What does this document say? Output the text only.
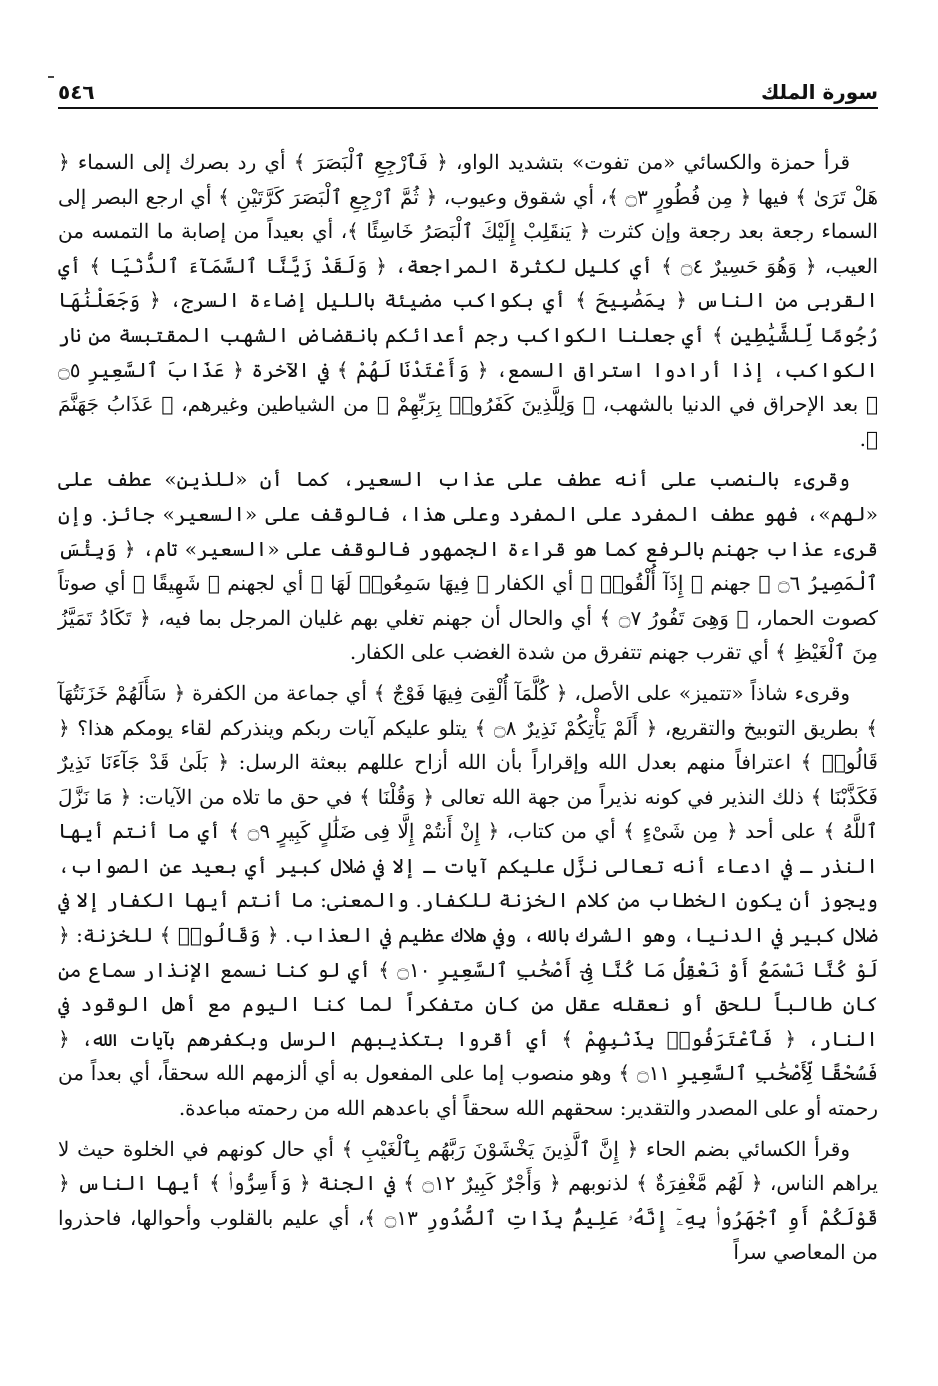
سورة الملك
٥٤٦

قرأ حمزة والكسائي «من تفوت» بتشديد الواو، ﴿ فَٱرْجِعِ ٱلْبَصَرَ ﴾ أي رد بصرك إلى السماء ﴿ هَلْ تَرَىٰ ﴾ فيها ﴿ مِن فُطُورٍ ۝٣ ﴾، أي شقوق وعيوب، ﴿ ثُمَّ ٱرْجِعِ ٱلْبَصَرَ كَرَّتَيْنِ ﴾ أي ارجع البصر إلى السماء رجعة بعد رجعة وإن كثرت ﴿ يَنقَلِبْ إِلَيْكَ ٱلْبَصَرُ خَاسِئًا ﴾، أي بعيداً من إصابة ما التمسه من العيب، ﴿ وَهُوَ حَسِيرٌ ۝٤ ﴾ أي كليل لكثرة المراجعة، ﴿ وَلَقَدْ زَيَّنَّا ٱلسَّمَآءَ ٱلدُّنْيَا ﴾ أي القربى من الناس ﴿ بِمَصَٰبِيحَ ﴾ أي بكواكب مضيئة بالليل إضاءة السرج، ﴿ وَجَعَلْنَٰهَا رُجُومًا لِّلشَّيَٰطِينِ ﴾ أي جعلنا الكواكب رجم أعدائكم بانقضاض الشهب المقتبسة من نار الكواكب، إذا أرادوا استراق السمع، ﴿ وَأَعْتَدْنَا لَهُمْ ﴾ في الآخرة ﴿ عَذَابَ ٱلسَّعِيرِ ۝٥ ﴾ بعد الإحراق في الدنيا بالشهب، ﴿ وَلِلَّذِينَ كَفَرُوا۟ بِرَبِّهِمْ ﴾ من الشياطين وغيرهم، ﴿ عَذَابُ جَهَنَّمَ ﴾.

وقرىء بالنصب على أنه عطف على عذاب السعير، كما أن «للذين» عطف على «لهم»، فهو عطف المفرد على المفرد وعلى هذا، فالوقف على «السعير» جائز. وإن قرىء عذاب جهنم بالرفع كما هو قراءة الجمهور فالوقف على «السعير» تام، ﴿ وَبِئْسَ ٱلْمَصِيرُ ۝٦ ﴾ جهنم ﴿ إِذَآ أُلْقُوا۟ ﴾ أي الكفار ﴿ فِيهَا سَمِعُوا۟ لَهَا ﴾ أي لجهنم ﴿ شَهِيقًا ﴾ أي صوتاً كصوت الحمار، ﴿ وَهِىَ تَفُورُ ۝٧ ﴾ أي والحال أن جهنم تغلي بهم غليان المرجل بما فيه، ﴿ تَكَادُ تَمَيَّزُ مِنَ ٱلْغَيْظِ ﴾ أي تقرب جهنم تتفرق من شدة الغضب على الكفار.

وقرىء شاذاً «تتميز» على الأصل، ﴿ كُلَّمَآ أُلْقِىَ فِيهَا فَوْجٌ ﴾ أي جماعة من الكفرة ﴿ سَأَلَهُمْ خَزَنَتُهَآ ﴾ بطريق التوبيخ والتقريع، ﴿ أَلَمْ يَأْتِكُمْ نَذِيرٌ ۝٨ ﴾ يتلو عليكم آيات ربكم وينذركم لقاء يومكم هذا؟ ﴿ قَالُوا۟ ﴾ اعترافاً منهم بعدل الله وإقراراً بأن الله أزاح عللهم ببعثة الرسل: ﴿ بَلَىٰ قَدْ جَآءَنَا نَذِيرٌ فَكَذَّبْنَا ﴾ ذلك النذير في كونه نذيراً من جهة الله تعالى ﴿ وَقُلْنَا ﴾ في حق ما تلاه من الآيات: ﴿ مَا نَزَّلَ ٱللَّهُ ﴾ على أحد ﴿ مِن شَىْءٍ ﴾ أي من كتاب، ﴿ إِنْ أَنتُمْ إِلَّا فِى ضَلَٰلٍ كَبِيرٍ ۝٩ ﴾ أي ما أنتم أيها النذر ـ في ادعاء أنه تعالى نزَّل عليكم آيات ـ إلا في ضلال كبير أي بعيد عن الصواب، ويجوز أن يكون الخطاب من كلام الخزنة للكفار. والمعنى: ما أنتم أيها الكفار إلا في ضلال كبير في الدنيا، وهو الشرك بالله، وفي هلاك عظيم في العذاب. ﴿ وَقَالُوا۟ ﴾ للخزنة: ﴿ لَوْ كُنَّا نَسْمَعُ أَوْ نَعْقِلُ مَا كُنَّا فِىٓ أَصْحَٰبِ ٱلسَّعِيرِ ۝١٠ ﴾ أي لو كنا نسمع الإنذار سماع من كان طالباً للحق أو نعقله عقل من كان متفكراً لما كنا اليوم مع أهل الوقود في النار، ﴿ فَٱعْتَرَفُوا۟ بِذَنۢبِهِمْ ﴾ أي أقروا بتكذيبهم الرسل وبكفرهم بآيات الله، ﴿ فَسُحْقًا لِّأَصْحَٰبِ ٱلسَّعِيرِ ۝١١ ﴾ وهو منصوب إما على المفعول به أي ألزمهم الله سحقاً، أي بعداً من رحمته أو على المصدر والتقدير: سحقهم الله سحقاً أي باعدهم الله من رحمته مباعدة.

وقرأ الكسائي بضم الحاء ﴿ إِنَّ ٱلَّذِينَ يَخْشَوْنَ رَبَّهُم بِٱلْغَيْبِ ﴾ أي حال كونهم في الخلوة حيث لا يراهم الناس، ﴿ لَهُم مَّغْفِرَةٌ ﴾ لذنوبهم ﴿ وَأَجْرٌ كَبِيرٌ ۝١٢ ﴾ في الجنة ﴿ وَأَسِرُّوا۟ ﴾ أيها الناس ﴿ قَوْلَكُمْ أَوِ ٱجْهَرُوا۟ بِهِۦٓ إِنَّهُۥ عَلِيمٌۢ بِذَاتِ ٱلصُّدُورِ ۝١٣ ﴾، أي عليم بالقلوب وأحوالها، فاحذروا من المعاصي سراً
